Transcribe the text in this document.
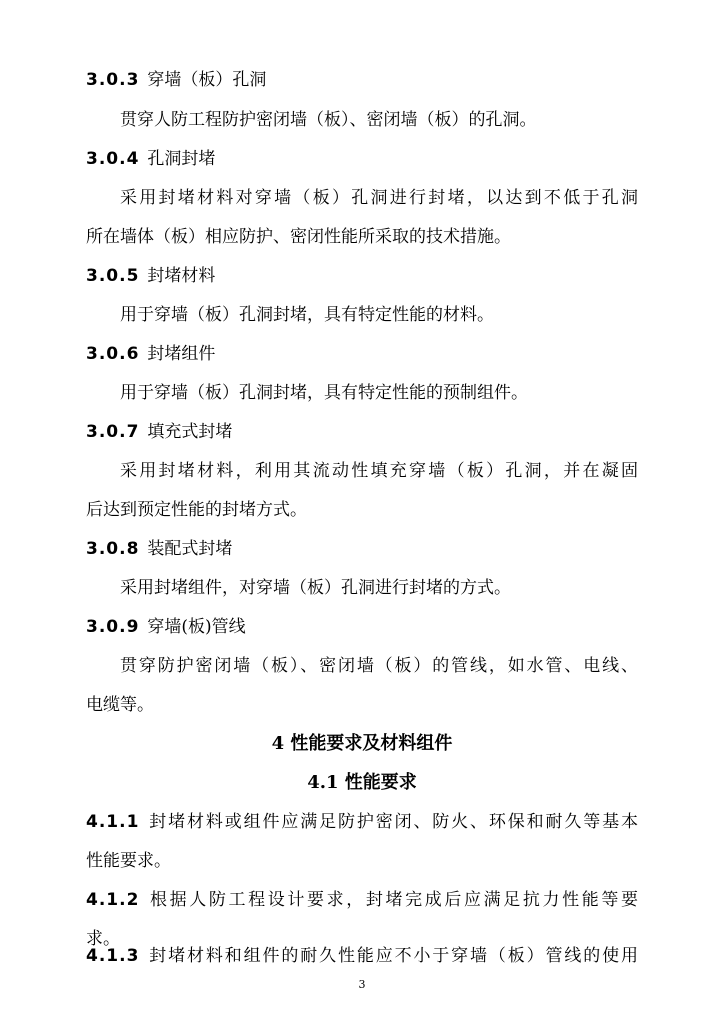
3.0.3 穿墙（板）孔洞
贯穿人防工程防护密闭墙（板）、密闭墙（板）的孔洞。
3.0.4 孔洞封堵
采用封堵材料对穿墙（板）孔洞进行封堵，以达到不低于孔洞
所在墙体（板）相应防护、密闭性能所采取的技术措施。
3.0.5 封堵材料
用于穿墙（板）孔洞封堵，具有特定性能的材料。
3.0.6 封堵组件
用于穿墙（板）孔洞封堵，具有特定性能的预制组件。
3.0.7 填充式封堵
采用封堵材料，利用其流动性填充穿墙（板）孔洞，并在凝固
后达到预定性能的封堵方式。
3.0.8 装配式封堵
采用封堵组件，对穿墙（板）孔洞进行封堵的方式。
3.0.9 穿墙(板)管线
贯穿防护密闭墙（板）、密闭墙（板）的管线，如水管、电线、
电缆等。
4 性能要求及材料组件
4.1 性能要求
4.1.1 封堵材料或组件应满足防护密闭、防火、环保和耐久等基本
性能要求。
4.1.2 根据人防工程设计要求，封堵完成后应满足抗力性能等要
求。
4.1.3 封堵材料和组件的耐久性能应不小于穿墙（板）管线的使用
3
